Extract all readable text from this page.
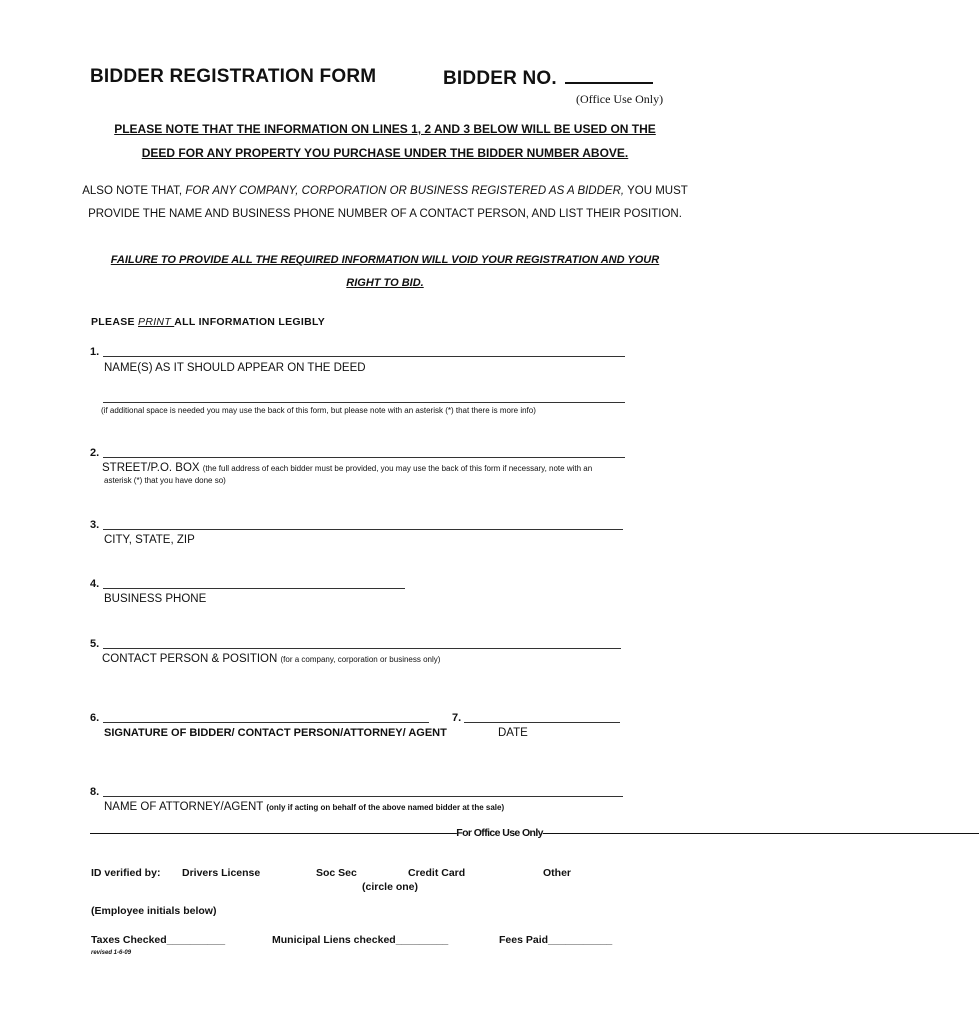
BIDDER REGISTRATION FORM	BIDDER NO.
(Office Use Only)
PLEASE NOTE THAT THE INFORMATION ON LINES 1, 2 AND 3 BELOW WILL BE USED ON THE
DEED FOR ANY PROPERTY YOU PURCHASE UNDER THE BIDDER NUMBER ABOVE.
ALSO NOTE THAT, FOR ANY COMPANY, CORPORATION OR BUSINESS REGISTERED AS A BIDDER, YOU MUST
PROVIDE THE NAME AND BUSINESS PHONE NUMBER OF A CONTACT PERSON, AND LIST THEIR POSITION.
FAILURE TO PROVIDE ALL THE REQUIRED INFORMATION WILL VOID YOUR REGISTRATION AND YOUR
RIGHT TO BID.
PLEASE PRINT ALL INFORMATION LEGIBLY
1.
NAME(S) AS IT SHOULD APPEAR ON THE DEED
(if additional space is needed you may use the back of this form, but please note with an asterisk (*) that there is more info)
2.
STREET/P.O. BOX (the full address of each bidder must be provided, you may use the back of this form if necessary, note with an
asterisk (*) that you have done so)
3.
CITY, STATE, ZIP
4.
BUSINESS PHONE
5.
CONTACT PERSON & POSITION (for a company, corporation or business only)
6.
SIGNATURE OF BIDDER/ CONTACT PERSON/ATTORNEY/ AGENT
7.
DATE
8.
NAME OF ATTORNEY/AGENT (only if acting on behalf of the above named bidder at the sale)
—————————————————————————————————————For Office Use Only————————————————————————————————————————————
ID verified by: Drivers License	Soc Sec	Credit Card	Other
(circle one)
(Employee initials below)
Taxes Checked__________	Municipal Liens checked_________	Fees Paid___________
revised 1-6-09
